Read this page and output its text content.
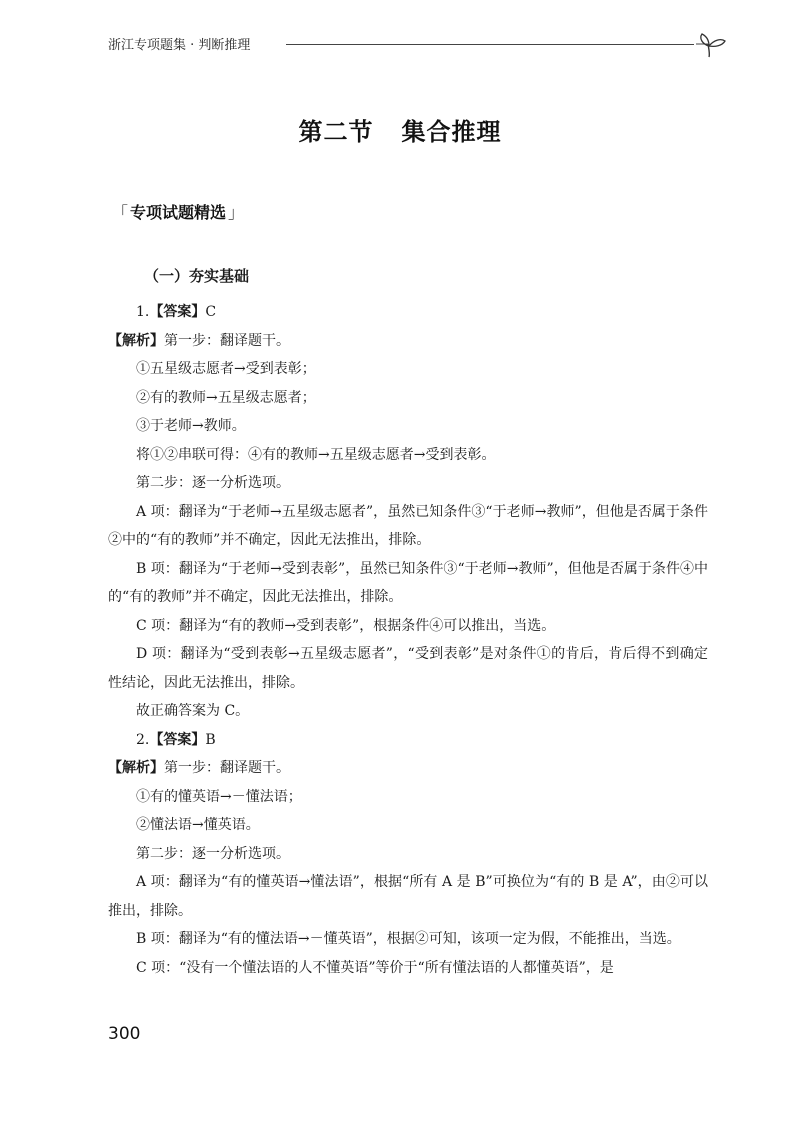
浙江专项题集 · 判断推理
第二节 集合推理
「 专项试题精选 」

（一）夯实基础

1.【答案】C

【解析】第一步：翻译题干。

①五星级志愿者→受到表彰；

②有的教师→五星级志愿者；

③于老师→教师。

将①②串联可得：④有的教师→五星级志愿者→受到表彰。

第二步：逐一分析选项。

A 项：翻译为“于老师→五星级志愿者”，虽然已知条件③“于老师→教师”，但他是否属于条件②中的“有的教师”并不确定，因此无法推出，排除。

B 项：翻译为“于老师→受到表彰”，虽然已知条件③“于老师→教师”，但他是否属于条件④中的“有的教师”并不确定，因此无法推出，排除。

C 项：翻译为“有的教师→受到表彰”，根据条件④可以推出，当选。

D 项：翻译为“受到表彰→五星级志愿者”，“受到表彰”是对条件①的肯后，肯后得不到确定性结论，因此无法推出，排除。

故正确答案为 C。

2.【答案】B

【解析】第一步：翻译题干。

①有的懂英语→－懂法语；

②懂法语→懂英语。

第二步：逐一分析选项。

A 项：翻译为“有的懂英语→懂法语”，根据“所有 A 是 B”可换位为“有的 B 是 A”，由②可以推出，排除。

B 项：翻译为“有的懂法语→－懂英语”，根据②可知，该项一定为假，不能推出，当选。

C 项：“没有一个懂法语的人不懂英语”等价于“所有懂法语的人都懂英语”，是

300
